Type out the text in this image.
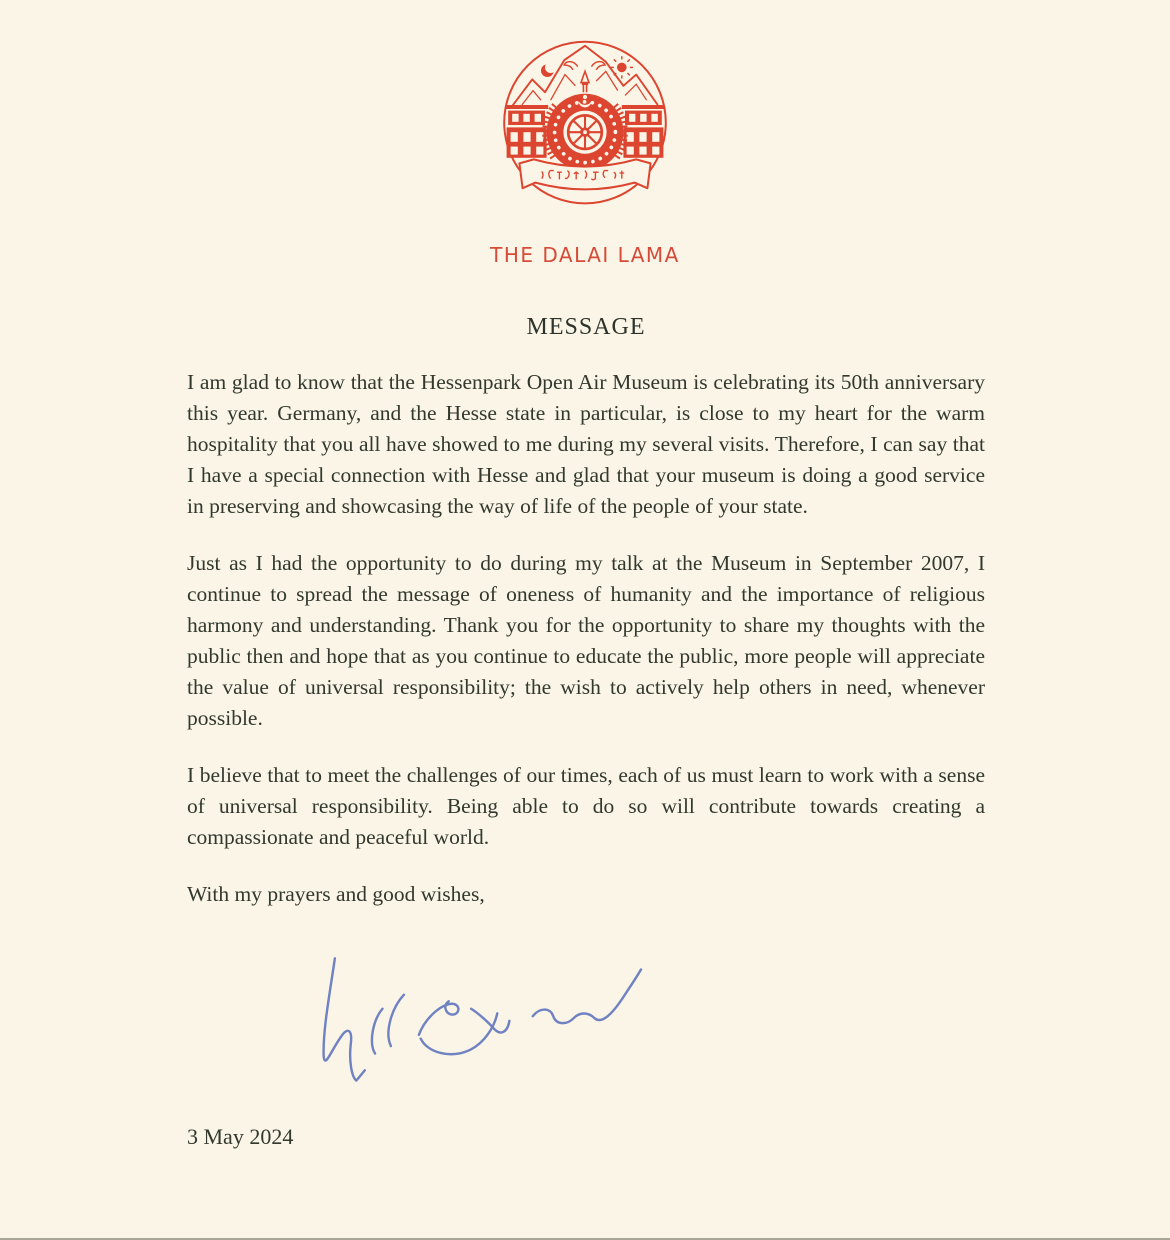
THE DALAI LAMA
MESSAGE

I am glad to know that the Hessenpark Open Air Museum is celebrating its 50th anniversary this year. Germany, and the Hesse state in particular, is close to my heart for the warm hospitality that you all have showed to me during my several visits. Therefore, I can say that I have a special connection with Hesse and glad that your museum is doing a good service in preserving and showcasing the way of life of the people of your state.

Just as I had the opportunity to do during my talk at the Museum in September 2007, I continue to spread the message of oneness of humanity and the importance of religious harmony and understanding. Thank you for the opportunity to share my thoughts with the public then and hope that as you continue to educate the public, more people will appreciate the value of universal responsibility; the wish to actively help others in need, whenever possible.

I believe that to meet the challenges of our times, each of us must learn to work with a sense of universal responsibility. Being able to do so will contribute towards creating a compassionate and peaceful world.

With my prayers and good wishes,

3 May 2024
